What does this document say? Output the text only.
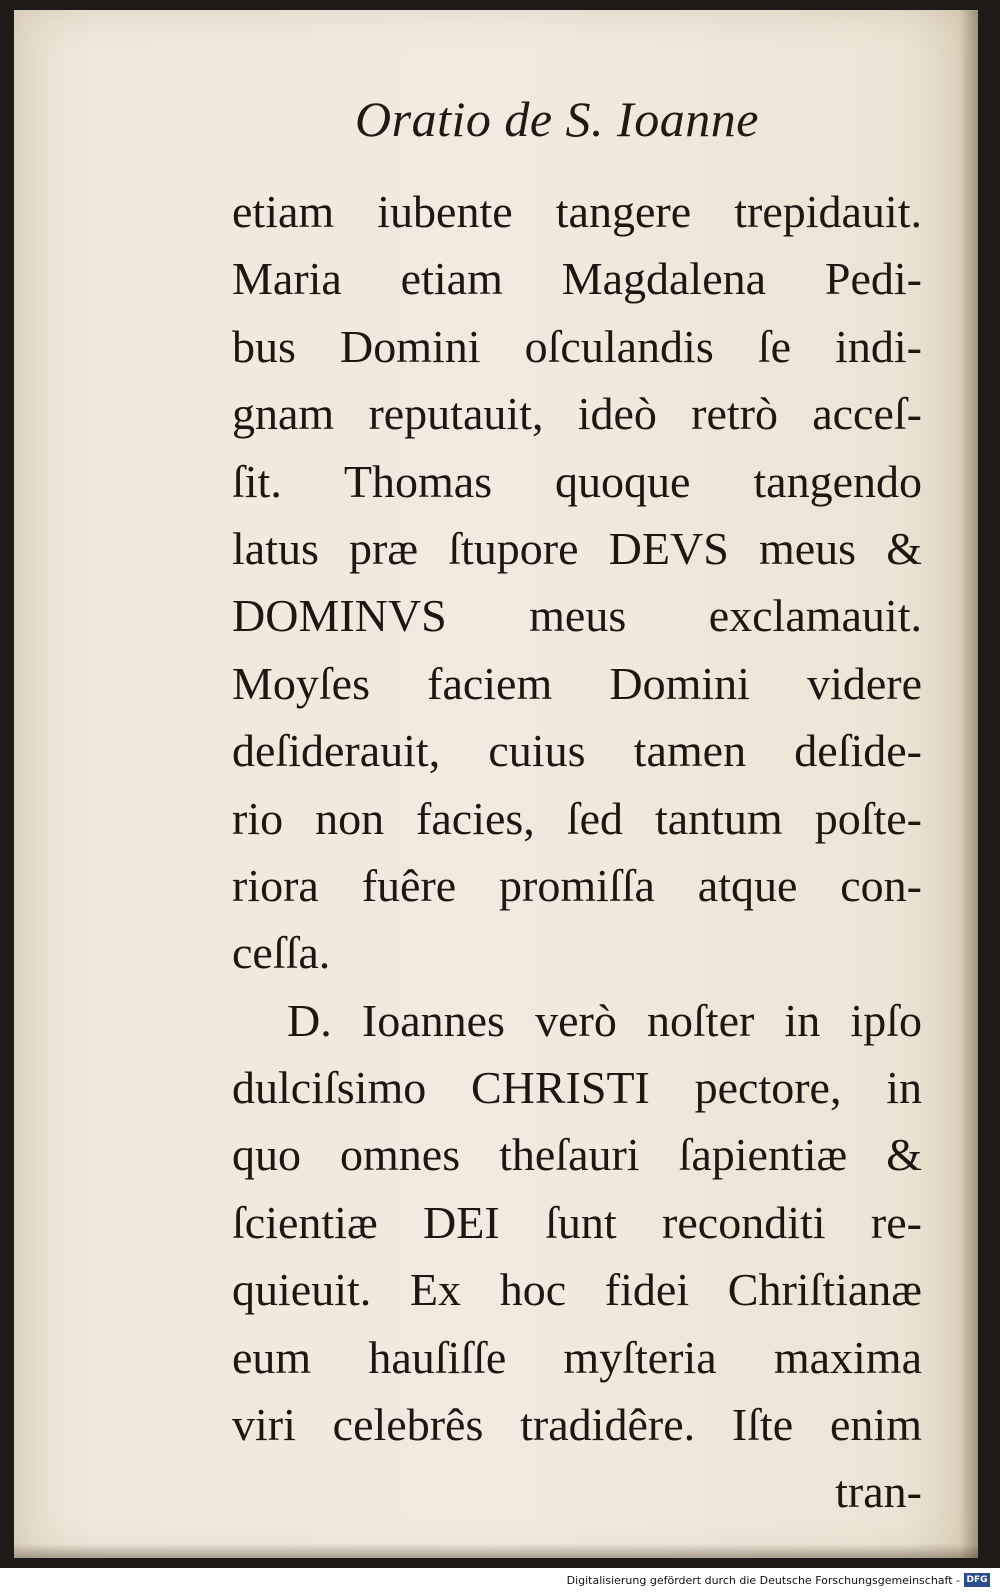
Oratio de S. Ioanne
etiam iubente tangere trepidauit.
Maria etiam Magdalena Pedi-
bus Domini oſculandis ſe indi-
gnam reputauit, ideò retrò acceſ-
ſit. Thomas quoque tangendo
latus præ ſtupore DEVS meus &
DOMINVS meus exclamauit.
Moyſes faciem Domini videre
deſiderauit, cuius tamen deſide-
rio non facies, ſed tantum poſte-
riora fuêre promiſſa atque con-
ceſſa.
D. Ioannes verò noſter in ipſo
dulciſsimo CHRISTI pectore, in
quo omnes theſauri ſapientiæ &
ſcientiæ DEI ſunt reconditi re-
quieuit. Ex hoc fidei Chriſtianæ
eum hauſiſſe myſteria maxima
viri celebrês tradidêre. Iſte enim
tran-
Digitalisierung gefördert durch die Deutsche Forschungsgemeinschaft - DFG
